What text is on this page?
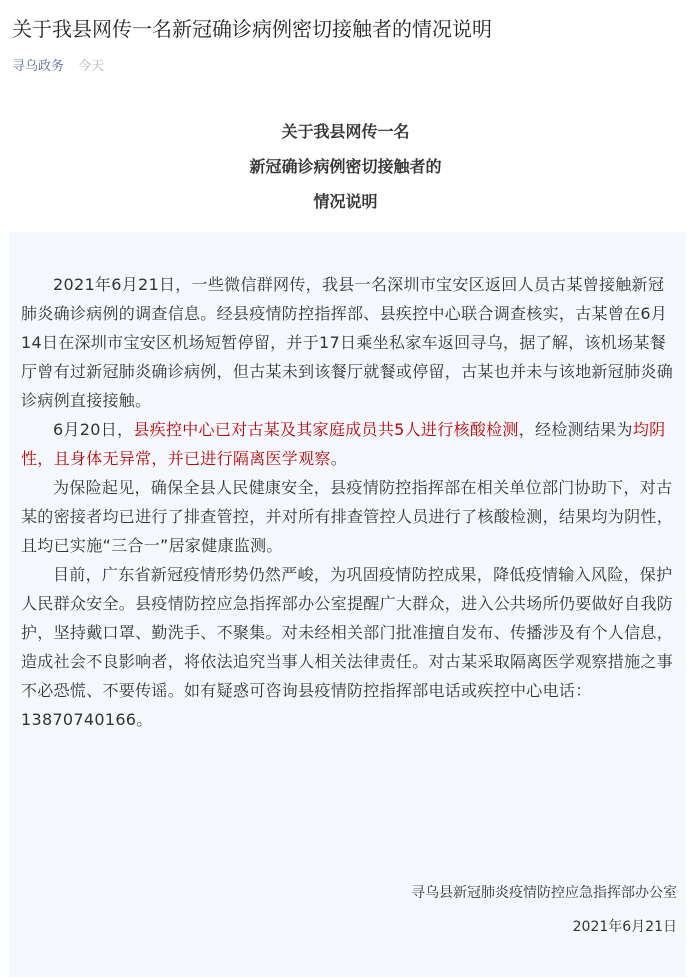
关于我县网传一名新冠确诊病例密切接触者的情况说明
寻乌政务 今天
关于我县网传一名
新冠确诊病例密切接触者的
情况说明

2021年6月21日，一些微信群网传，我县一名深圳市宝安区返回人员古某曾接触新冠肺炎确诊病例的调查信息。经县疫情防控指挥部、县疾控中心联合调查核实，古某曾在6月14日在深圳市宝安区机场短暂停留，并于17日乘坐私家车返回寻乌，据了解，该机场某餐厅曾有过新冠肺炎确诊病例，但古某未到该餐厅就餐或停留，古某也并未与该地新冠肺炎确诊病例直接接触。

6月20日，县疾控中心已对古某及其家庭成员共5人进行核酸检测，经检测结果为均阴性，且身体无异常，并已进行隔离医学观察。

为保险起见，确保全县人民健康安全，县疫情防控指挥部在相关单位部门协助下，对古某的密接者均已进行了排查管控，并对所有排查管控人员进行了核酸检测，结果均为阴性，且均已实施“三合一”居家健康监测。

目前，广东省新冠疫情形势仍然严峻，为巩固疫情防控成果，降低疫情输入风险，保护人民群众安全。县疫情防控应急指挥部办公室提醒广大群众，进入公共场所仍要做好自我防护，坚持戴口罩、勤洗手、不聚集。对未经相关部门批准擅自发布、传播涉及有个人信息，造成社会不良影响者，将依法追究当事人相关法律责任。对古某采取隔离医学观察措施之事不必恐慌、不要传谣。如有疑惑可咨询县疫情防控指挥部电话或疾控中心电话：13870740166。

寻乌县新冠肺炎疫情防控应急指挥部办公室
2021年6月21日
